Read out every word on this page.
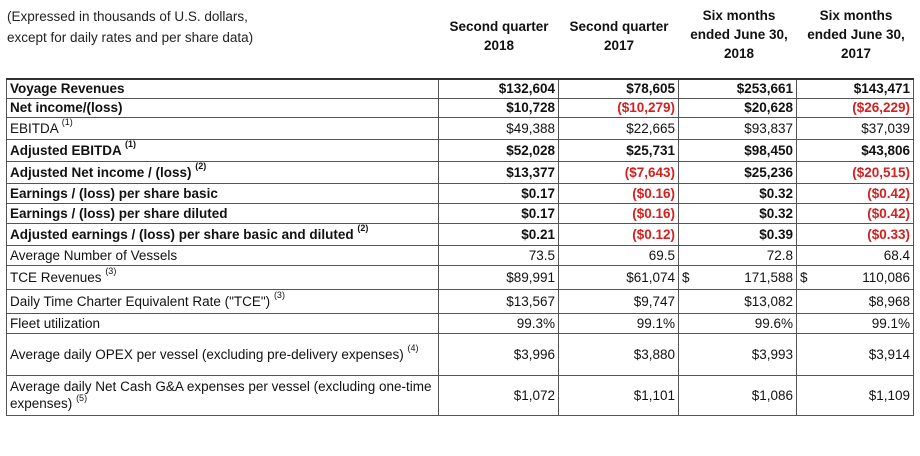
(Expressed in thousands of U.S. dollars,
except for daily rates and per share data)
Second quarter
2018
Second quarter
2017
Six months
ended June 30,
2018
Six months
ended June 30,
2017
Voyage Revenues	$132,604	$78,605	$253,661	$143,471
Net income/(loss)	$10,728	($10,279)	$20,628	($26,229)
EBITDA $^{(1)}$	$49,388	$22,665	$93,837	$37,039
Adjusted EBITDA $^{(1)}$	$52,028	$25,731	$98,450	$43,806
Adjusted Net income / (loss) $^{(2)}$	$13,377	($7,643)	$25,236	($20,515)
Earnings / (loss) per share basic	$0.17	($0.16)	$0.32	($0.42)
Earnings / (loss) per share diluted	$0.17	($0.16)	$0.32	($0.42)
Adjusted earnings / (loss) per share basic and diluted $^{(2)}$	$0.21	($0.12)	$0.39	($0.33)
Average Number of Vessels	73.5	69.5	72.8	68.4
TCE Revenues $^{(3)}$	$89,991	$61,074	$ 171,588	$ 110,086
Daily Time Charter Equivalent Rate ("TCE") $^{(3)}$	$13,567	$9,747	$13,082	$8,968
Fleet utilization	99.3%	99.1%	99.6%	99.1%
Average daily OPEX per vessel (excluding pre-delivery expenses) $^{(4)}$	$3,996	$3,880	$3,993	$3,914
Average daily Net Cash G&A expenses per vessel (excluding one-time expenses) $^{(5)}$	$1,072	$1,101	$1,086	$1,109
